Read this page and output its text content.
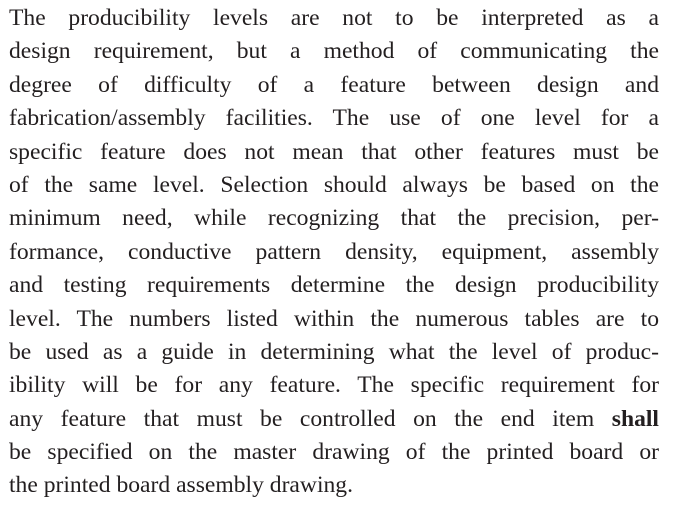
The producibility levels are not to be interpreted as a
design requirement, but a method of communicating the
degree of difficulty of a feature between design and
fabrication/assembly facilities. The use of one level for a
specific feature does not mean that other features must be
of the same level. Selection should always be based on the
minimum need, while recognizing that the precision, per-
formance, conductive pattern density, equipment, assembly
and testing requirements determine the design producibility
level. The numbers listed within the numerous tables are to
be used as a guide in determining what the level of produc-
ibility will be for any feature. The specific requirement for
any feature that must be controlled on the end item shall
be specified on the master drawing of the printed board or
the printed board assembly drawing.
